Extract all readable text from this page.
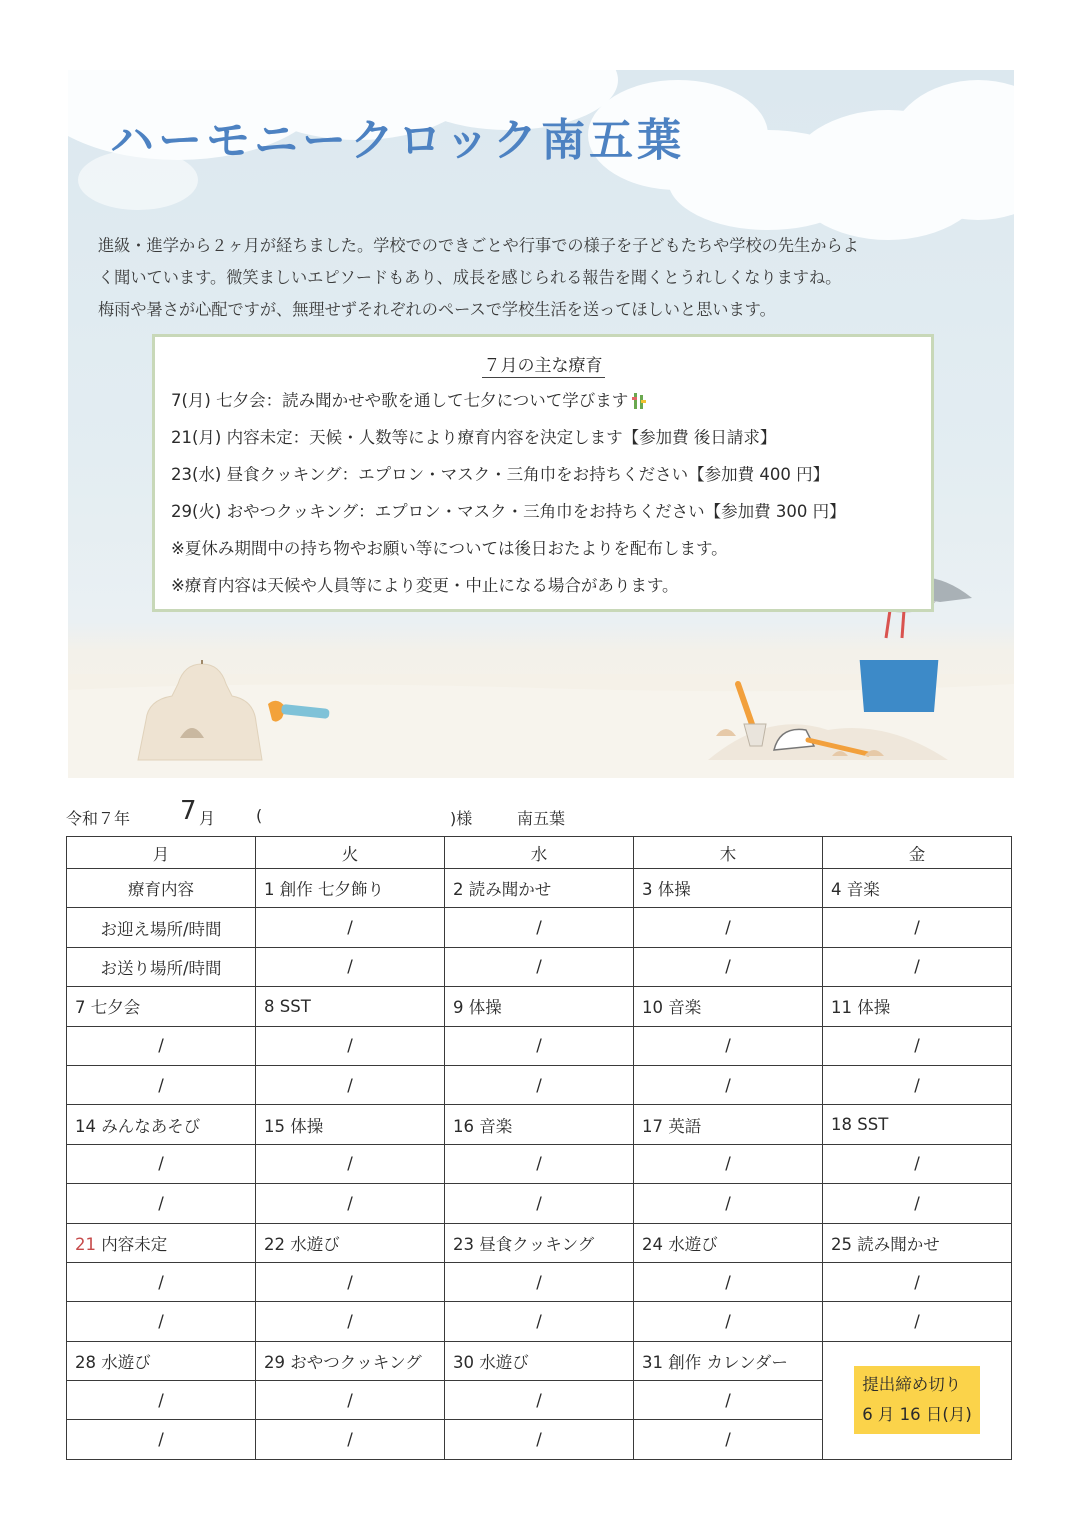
ハーモニークロック南五葉

進級・進学から２ヶ月が経ちました。学校でのできごとや行事での様子を子どもたちや学校の先生からよ

く聞いています。微笑ましいエピソードもあり、成長を感じられる報告を聞くとうれしくなりますね。

梅雨や暑さが心配ですが、無理せずそれぞれのペースで学校生活を送ってほしいと思います。

７月の主な療育
7(月) 七夕会：読み聞かせや歌を通して七夕について学びます
21(月) 内容未定：天候・人数等により療育内容を決定します【参加費 後日請求】
23(水) 昼食クッキング：エプロン・マスク・三角巾をお持ちください【参加費 400 円】
29(火) おやつクッキング：エプロン・マスク・三角巾をお持ちください【参加費 300 円】
※夏休み期間中の持ち物やお願い等については後日おたよりを配布します。
※療育内容は天候や人員等により変更・中止になる場合があります。
令和７年 7 月	(	)様	南五葉
月	火	水	木	金
療育内容	1 創作 七夕飾り	2 読み聞かせ	3 体操	4 音楽
お迎え場所/時間	/	/	/	/
お送り場所/時間	/	/	/	/
7 七夕会	8 SST	9 体操	10 音楽	11 体操
/	/	/	/	/
/	/	/	/	/
14 みんなあそび	15 体操	16 音楽	17 英語	18 SST
/	/	/	/	/
/	/	/	/	/
21 内容未定	22 水遊び	23 昼食クッキング	24 水遊び	25 読み聞かせ
/	/	/	/	/
/	/	/	/	/
28 水遊び	29 おやつクッキング	30 水遊び	31 創作 カレンダー	提出締め切り
6 月 16 日(月)
/	/	/	/	
/	/	/	/	
